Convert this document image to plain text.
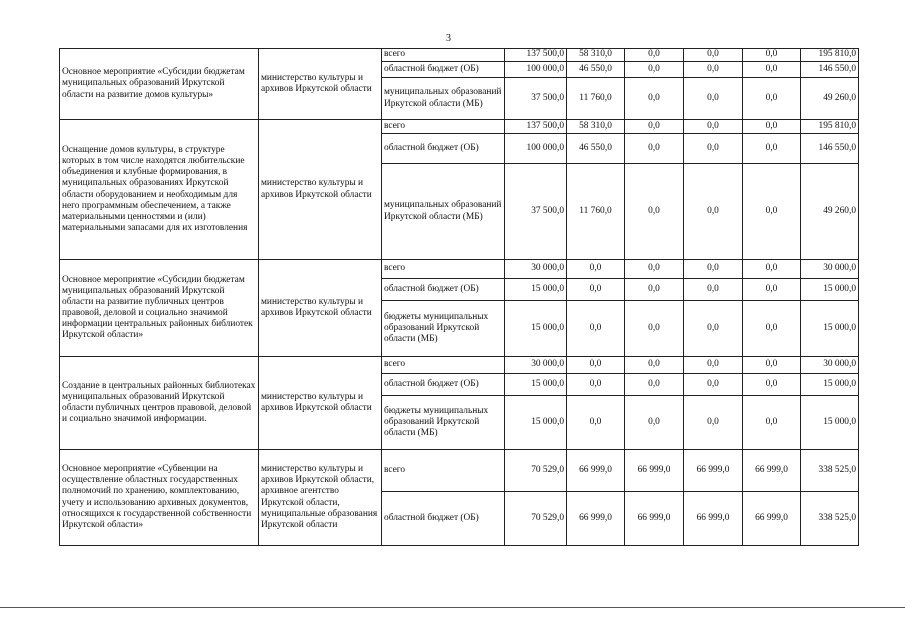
3
Основное мероприятие «Субсидии бюджетам муниципальных образований Иркутской области на развитие домов культуры»	министерство культуры и архивов Иркутской области	всего	137 500,0	58 310,0	0,0	0,0	0,0	195 810,0
		областной бюджет (ОБ)	100 000,0	46 550,0	0,0	0,0	0,0	146 550,0
		муниципальных образований Иркутской области (МБ)	37 500,0	11 760,0	0,0	0,0	0,0	49 260,0
Оснащение домов культуры, в структуре которых в том числе находятся любительские объединения и клубные формирования, в муниципальных образованиях Иркутской области оборудованием и необходимым для него программным обеспечением, а также материальными ценностями и (или) материальными запасами для их изготовления	министерство культуры и архивов Иркутской области	всего	137 500,0	58 310,0	0,0	0,0	0,0	195 810,0
		областной бюджет (ОБ)	100 000,0	46 550,0	0,0	0,0	0,0	146 550,0
		муниципальных образований Иркутской области (МБ)	37 500,0	11 760,0	0,0	0,0	0,0	49 260,0
Основное мероприятие «Субсидии бюджетам муниципальных образований Иркутской области на развитие публичных центров правовой, деловой и социально значимой информации центральных районных библиотек Иркутской области»	министерство культуры и архивов Иркутской области	всего	30 000,0	0,0	0,0	0,0	0,0	30 000,0
		областной бюджет (ОБ)	15 000,0	0,0	0,0	0,0	0,0	15 000,0
		бюджеты муниципальных образований Иркутской области (МБ)	15 000,0	0,0	0,0	0,0	0,0	15 000,0
Создание в центральных районных библиотеках муниципальных образований Иркутской области публичных центров правовой, деловой и социально значимой информации.	министерство культуры и архивов Иркутской области	всего	30 000,0	0,0	0,0	0,0	0,0	30 000,0
		областной бюджет (ОБ)	15 000,0	0,0	0,0	0,0	0,0	15 000,0
		бюджеты муниципальных образований Иркутской области (МБ)	15 000,0	0,0	0,0	0,0	0,0	15 000,0
Основное мероприятие «Субвенции на осуществление областных государственных полномочий по хранению, комплектованию, учету и использованию архивных документов, относящихся к государственной собственности Иркутской области»	министерство культуры и архивов Иркутской области, архивное агентство Иркутской области, муниципальные образования Иркутской области	всего	70 529,0	66 999,0	66 999,0	66 999,0	66 999,0	338 525,0
		областной бюджет (ОБ)	70 529,0	66 999,0	66 999,0	66 999,0	66 999,0	338 525,0
